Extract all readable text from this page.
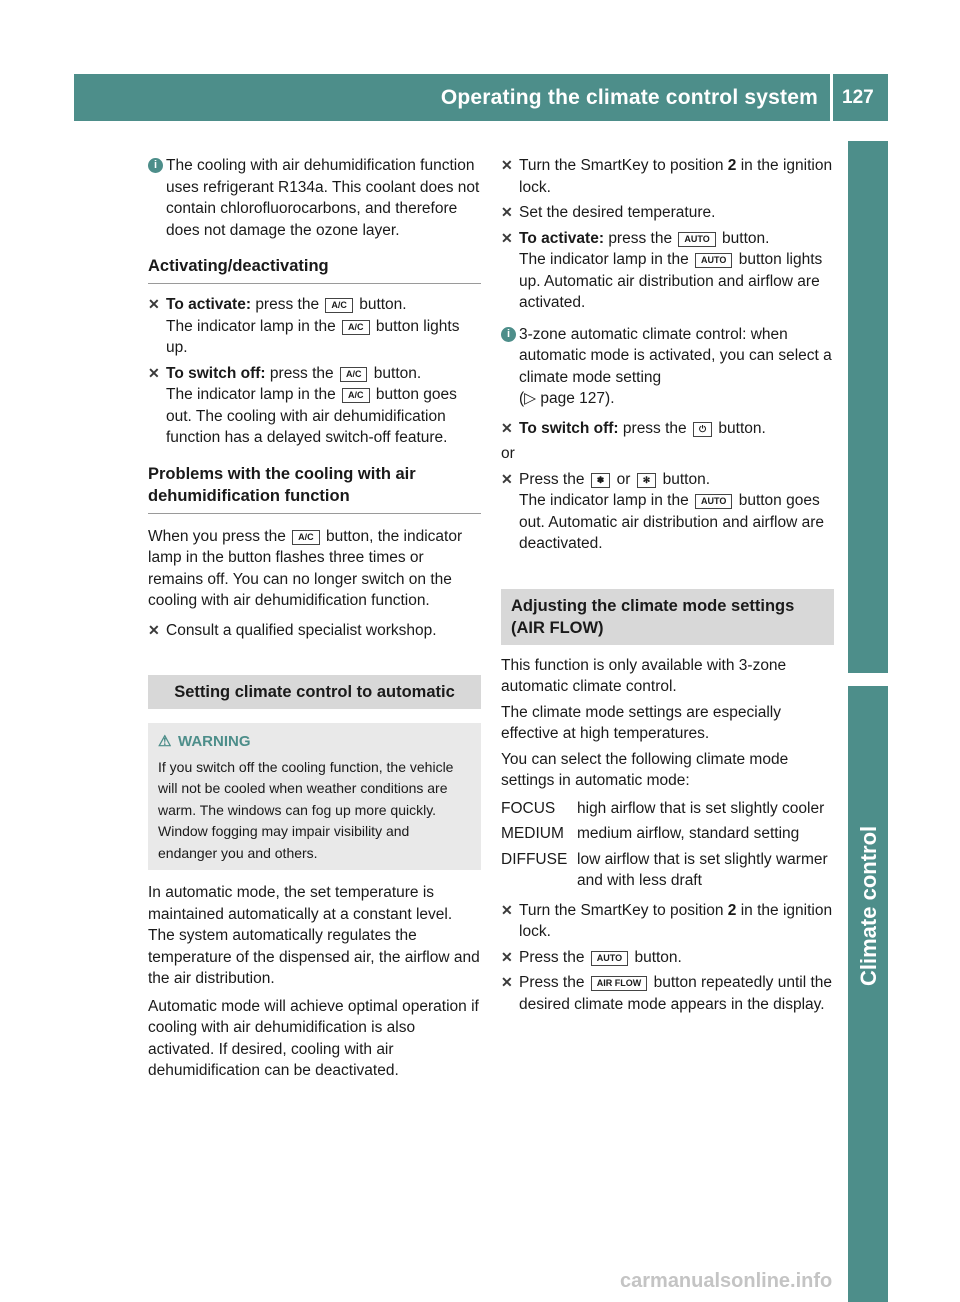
Operating the climate control system 127
Climate control
i The cooling with air dehumidification function uses refrigerant R134a. This coolant does not contain chlorofluorocarbons, and therefore does not damage the ozone layer.

Activating/deactivating
✕ To activate: press the A/C button.
The indicator lamp in the A/C button lights up.
✕ To switch off: press the A/C button.
The indicator lamp in the A/C button goes out. The cooling with air dehumidification function has a delayed switch-off feature.
Problems with the cooling with air dehumidification function

When you press the A/C button, the indicator lamp in the button flashes three times or remains off. You can no longer switch on the cooling with air dehumidification function.

✕ Consult a qualified specialist workshop.
Setting climate control to automatic
⚠ WARNING

If you switch off the cooling function, the vehicle will not be cooled when weather conditions are warm. The windows can fog up more quickly. Window fogging may impair visibility and endanger you and others.

In automatic mode, the set temperature is maintained automatically at a constant level. The system automatically regulates the temperature of the dispensed air, the airflow and the air distribution.

Automatic mode will achieve optimal operation if cooling with air dehumidification is also activated. If desired, cooling with air dehumidification can be deactivated.

✕ Turn the SmartKey to position 2 in the ignition lock.
✕ Set the desired temperature.
✕ To activate: press the AUTO button.
The indicator lamp in the AUTO button lights up. Automatic air distribution and airflow are activated.
i 3-zone automatic climate control: when automatic mode is activated, you can select a climate mode setting
(▷ page 127).

✕ To switch off: press the ⏻ button.

or

✕ Press the ✽ or ✻ button.
The indicator lamp in the AUTO button goes out. Automatic air distribution and airflow are deactivated.
Adjusting the climate mode settings (AIR FLOW)

This function is only available with 3-zone automatic climate control.

The climate mode settings are especially effective at high temperatures.

You can select the following climate mode settings in automatic mode:

FOCUS	high airflow that is set slightly cooler
MEDIUM medium airflow, standard setting
DIFFUSE low airflow that is set slightly warmer and with less draft
✕ Turn the SmartKey to position 2 in the ignition lock.
✕ Press the AUTO button.
✕ Press the AIR FLOW button repeatedly until the desired climate mode appears in the display.
carmanualsonline.info
